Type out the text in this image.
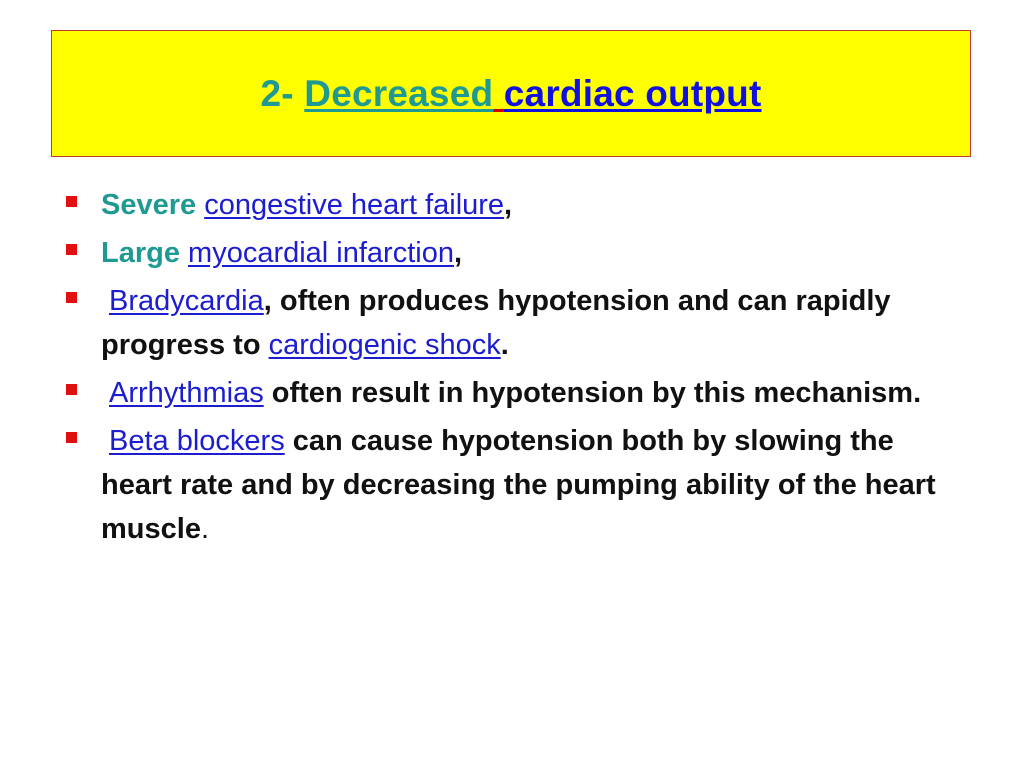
2- Decreased cardiac output
Severe congestive heart failure,
Large myocardial infarction,
Bradycardia, often produces hypotension and can rapidly progress to cardiogenic shock.
Arrhythmias often result in hypotension by this mechanism.
Beta blockers can cause hypotension both by slowing the heart rate and by decreasing the pumping ability of the heart muscle.
